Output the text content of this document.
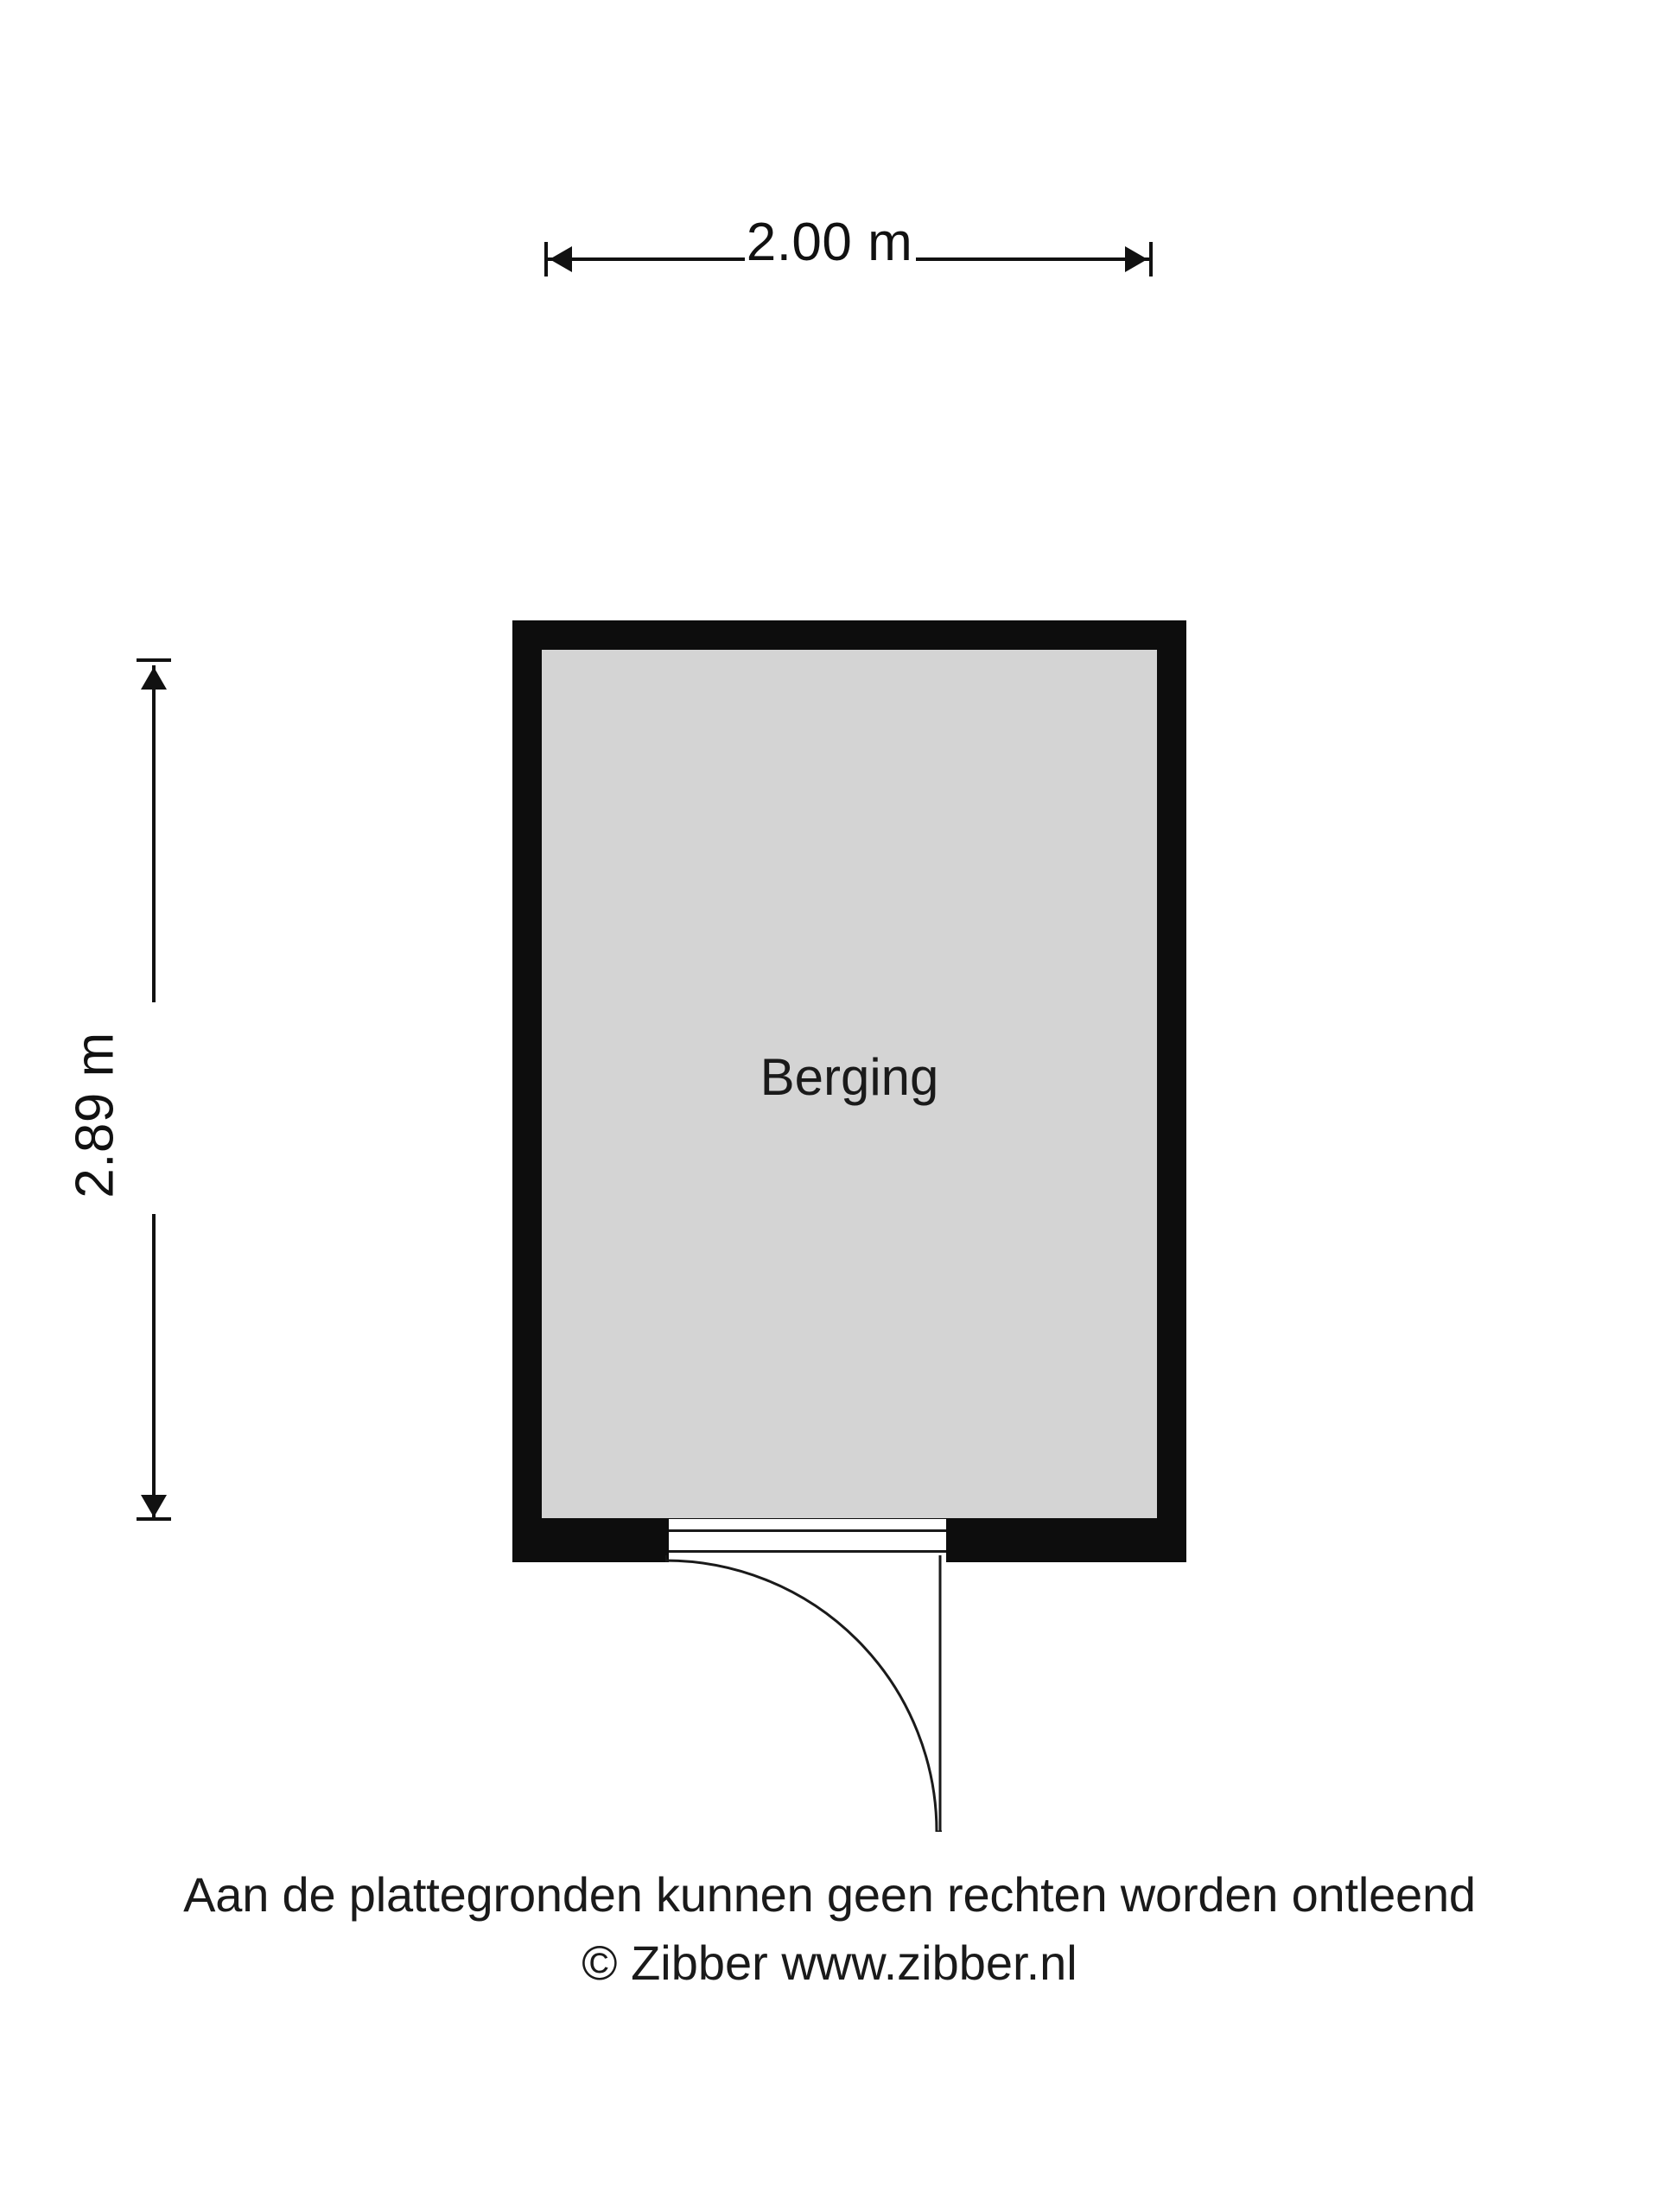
2.00 m
2.89 m	Berging
Aan de plattegronden kunnen geen rechten worden ontleend
© Zibber www.zibber.nl
